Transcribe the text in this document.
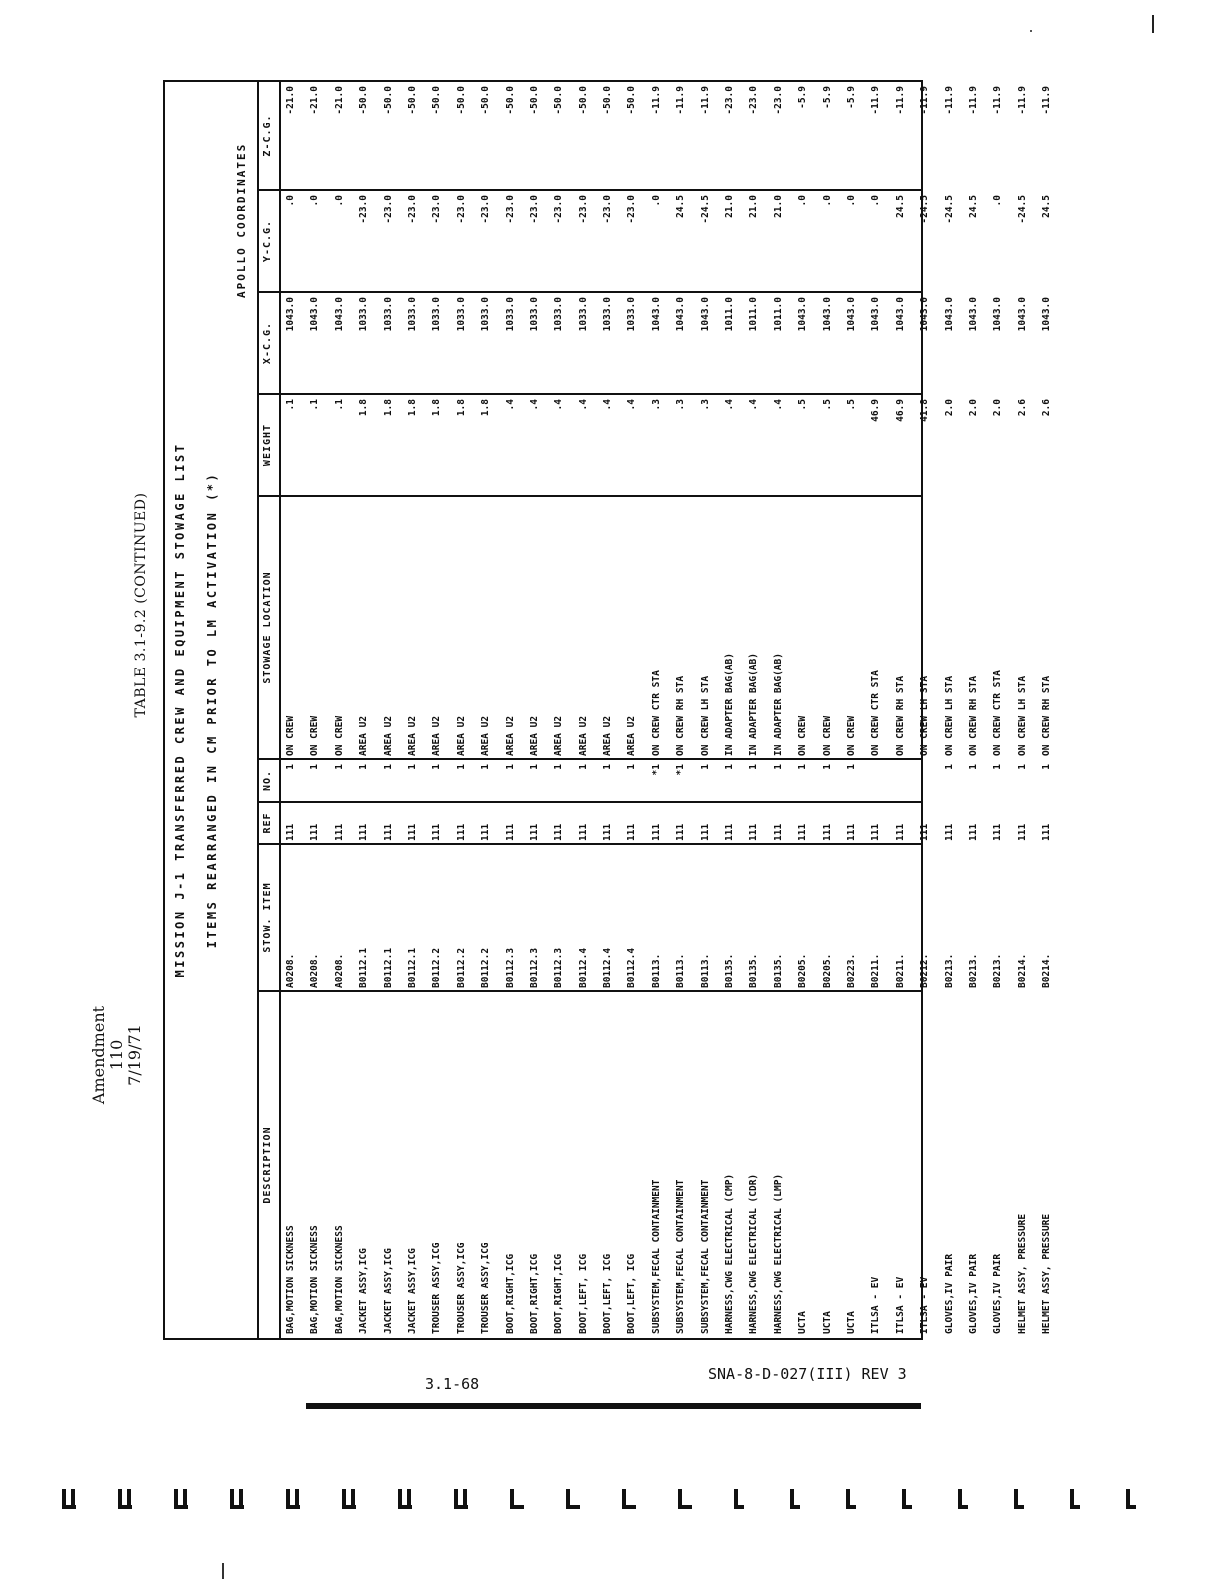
Amendment 110 7/19/71
TABLE 3.1-9.2 (CONTINUED) MISSION J-1 TRANSFERRED CREW AND EQUIPMENT STOWAGE LIST ITEMS REARRANGED IN CM PRIOR TO LM ACTIVATION (*)
APOLLO COORDINATES
DESCRIPTION
STOW. ITEM
REF
NO.
STOWAGE LOCATION
WEIGHT
X-C.G.
Y-C.G.
Z-C.G.
BAG,MOTION SICKNESS
A0208.
111
1
ON CREW
.1
1043.0
.0
-21.0
BAG,MOTION SICKNESS
A0208.
111
1
ON CREW
.1
1043.0
.0
-21.0
BAG,MOTION SICKNESS
A0208.
111
1
ON CREW
.1
1043.0
.0
-21.0
JACKET ASSY,ICG
B0112.1
111
1
AREA U2
1.8
1033.0
-23.0
-50.0
JACKET ASSY,ICG
B0112.1
111
1
AREA U2
1.8
1033.0
-23.0
-50.0
JACKET ASSY,ICG
B0112.1
111
1
AREA U2
1.8
1033.0
-23.0
-50.0
TROUSER ASSY,ICG
B0112.2
111
1
AREA U2
1.8
1033.0
-23.0
-50.0
TROUSER ASSY,ICG
B0112.2
111
1
AREA U2
1.8
1033.0
-23.0
-50.0
TROUSER ASSY,ICG
B0112.2
111
1
AREA U2
1.8
1033.0
-23.0
-50.0
BOOT,RIGHT,ICG
B0112.3
111
1
AREA U2
.4
1033.0
-23.0
-50.0
BOOT,RIGHT,ICG
B0112.3
111
1
AREA U2
.4
1033.0
-23.0
-50.0
BOOT,RIGHT,ICG
B0112.3
111
1
AREA U2
.4
1033.0
-23.0
-50.0
BOOT,LEFT, ICG
B0112.4
111
1
AREA U2
.4
1033.0
-23.0
-50.0
BOOT,LEFT, ICG
B0112.4
111
1
AREA U2
.4
1033.0
-23.0
-50.0
BOOT,LEFT, ICG
B0112.4
111
1
AREA U2
.4
1033.0
-23.0
-50.0
SUBSYSTEM,FECAL CONTAINMENT
B0113.
111
*1
ON CREW CTR STA
.3
1043.0
.0
-11.9
SUBSYSTEM,FECAL CONTAINMENT
B0113.
111
*1
ON CREW RH STA
.3
1043.0
24.5
-11.9
SUBSYSTEM,FECAL CONTAINMENT
B0113.
111
1
ON CREW LH STA
.3
1043.0
-24.5
-11.9
HARNESS,CWG ELECTRICAL (CMP)
B0135.
111
1
IN ADAPTER BAG(AB)
.4
1011.0
21.0
-23.0
HARNESS,CWG ELECTRICAL (CDR)
B0135.
111
1
IN ADAPTER BAG(AB)
.4
1011.0
21.0
-23.0
HARNESS,CWG ELECTRICAL (LMP)
B0135.
111
1
IN ADAPTER BAG(AB)
.4
1011.0
21.0
-23.0
UCTA
B0205.
111
1
ON CREW
.5
1043.0
.0
-5.9
UCTA
B0205.
111
1
ON CREW
.5
1043.0
.0
-5.9
UCTA
B0223.
111
1
ON CREW
.5
1043.0
.0
-5.9
ITLSA - EV
B0211.
111
ON CREW CTR STA
46.9
1043.0
.0
-11.9
ITLSA - EV
B0211.
111
ON CREW RH STA
46.9
1043.0
24.5
-11.9
ITLSA - EV
B0212.
111
ON CREW LH STA
41.8
1043.0
-24.5
-11.9
GLOVES,IV PAIR
B0213.
111
1
ON CREW LH STA
2.0
1043.0
-24.5
-11.9
GLOVES,IV PAIR
B0213.
111
1
ON CREW RH STA
2.0
1043.0
24.5
-11.9
GLOVES,IV PAIR
B0213.
111
1
ON CREW CTR STA
2.0
1043.0
.0
-11.9
HELMET ASSY, PRESSURE
B0214.
111
1
ON CREW LH STA
2.6
1043.0
-24.5
-11.9
HELMET ASSY, PRESSURE
B0214.
111
1
ON CREW RH STA
2.6
1043.0
24.5
-11.9
3.1-68
SNA-8-D-027(III) REV 3
